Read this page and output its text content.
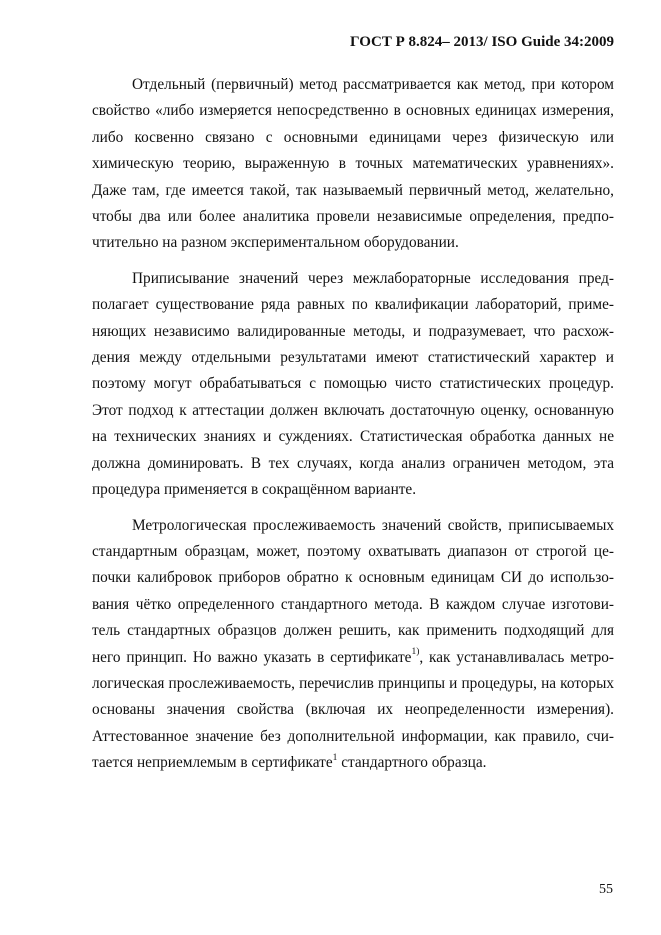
ГОСТ Р 8.824– 2013/ ISO Guide 34:2009

Отдельный (первичный) метод рассматривается как метод, при котором свойство «либо измеряется непосредственно в основных единицах измерения, либо косвенно связано с основными единицами через физическую или химическую теорию, выраженную в точных математических уравнениях». Даже там, где имеется такой, так называемый первичный метод, желательно, чтобы два или более аналитика провели независимые определения, предпочтительно на разном экспериментальном оборудовании.

Приписывание значений через межлабораторные исследования предполагает существование ряда равных по квалификации лабораторий, применяющих независимо валидированные методы, и подразумевает, что расхождения между отдельными результатами имеют статистический характер и поэтому могут обрабатываться с помощью чисто статистических процедур. Этот подход к аттестации должен включать достаточную оценку, основанную на технических знаниях и суждениях. Статистическая обработка данных не должна доминировать. В тех случаях, когда анализ ограничен методом, эта процедура применяется в сокращённом варианте.

Метрологическая прослеживаемость значений свойств, приписываемых стандартным образцам, может, поэтому охватывать диапазон от строгой цепочки калибровок приборов обратно к основным единицам СИ до использования чётко определенного стандартного метода. В каждом случае изготовитель стандартных образцов должен решить, как применить подходящий для него принцип. Но важно указать в сертификате$^{1)}$, как устанавливалась метрологическая прослеживаемость, перечислив принципы и процедуры, на которых основаны значения свойства (включая их неопределенности измерения). Аттестованное значение без дополнительной информации, как правило, считается неприемлемым в сертификате$^1$ стандартного образца.

55
